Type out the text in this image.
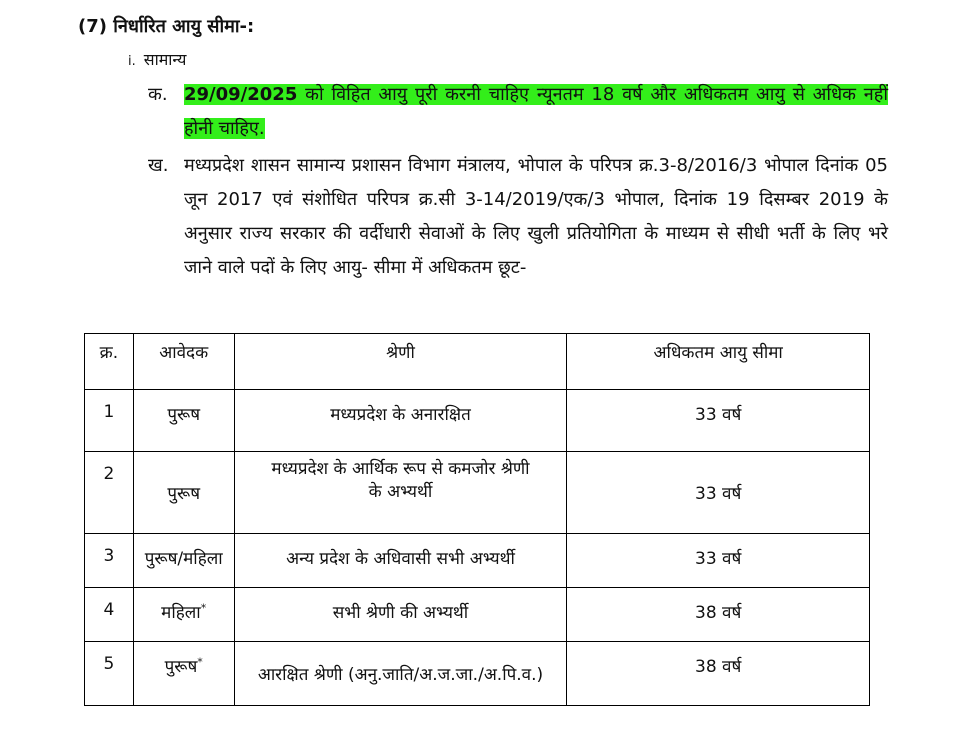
(7) निर्धारित आयु सीमा-:
i. सामान्य
क. 29/09/2025 को विहित आयु पूरी करनी चाहिए न्यूनतम 18 वर्ष और अधिकतम आयु से अधिक नहीं होनी चाहिए.
ख. मध्यप्रदेश शासन सामान्य प्रशासन विभाग मंत्रालय, भोपाल के परिपत्र क्र.3-8/2016/3 भोपाल दिनांक 05 जून 2017 एवं संशोधित परिपत्र क्र.सी 3-14/2019/एक/3 भोपाल, दिनांक 19 दिसम्बर 2019 के अनुसार राज्य सरकार की वर्दीधारी सेवाओं के लिए खुली प्रतियोगिता के माध्यम से सीधी भर्ती के लिए भरे जाने वाले पदों के लिए आयु- सीमा में अधिकतम छूट-
क्र.	आवेदक	श्रेणी	अधिकतम आयु सीमा
1	पुरूष	मध्यप्रदेश के अनारक्षित	33 वर्ष
2	पुरूष	मध्यप्रदेश के आर्थिक रूप से कमजोर श्रेणी के अभ्यर्थी	33 वर्ष
3	पुरूष/महिला	अन्य प्रदेश के अधिवासी सभी अभ्यर्थी	33 वर्ष
4	महिला*	सभी श्रेणी की अभ्यर्थी	38 वर्ष
5	पुरूष*	आरक्षित श्रेणी (अनु.जाति/अ.ज.जा./अ.पि.व.)	38 वर्ष
